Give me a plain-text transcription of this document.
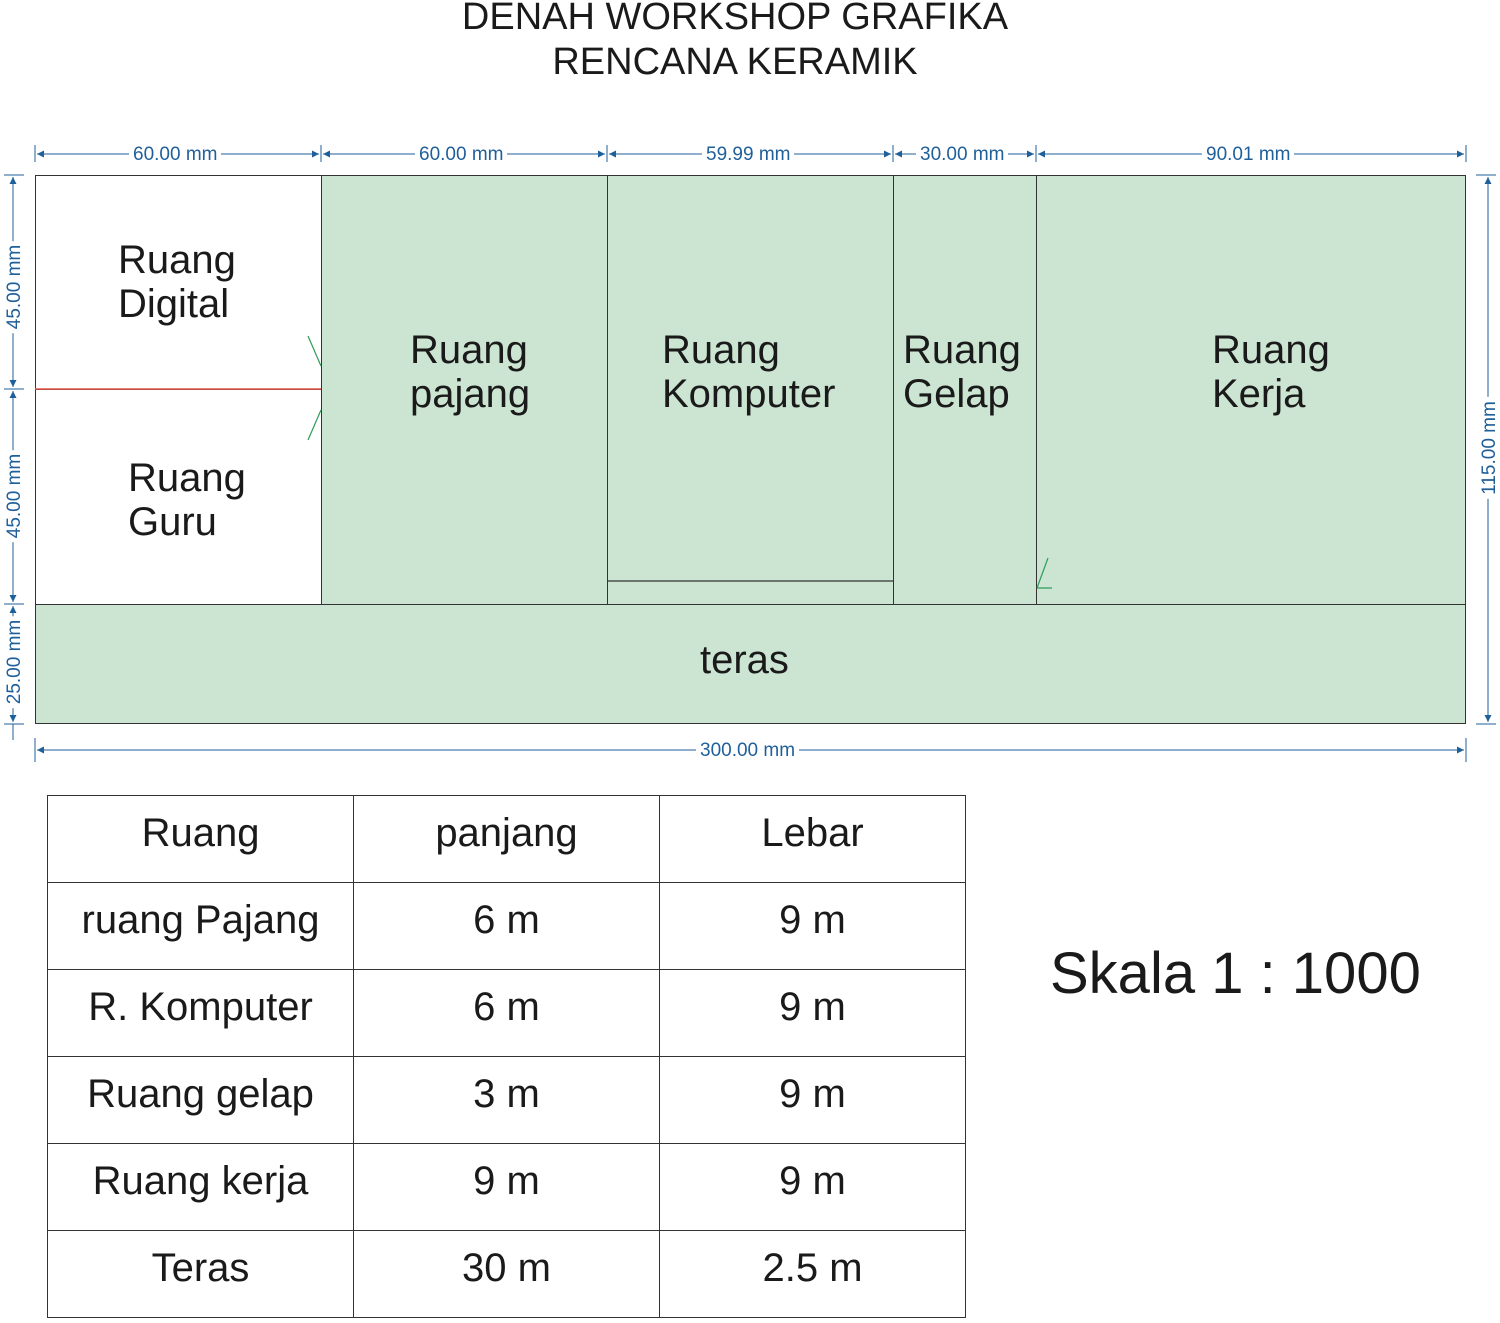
DENAH WORKSHOP GRAFIKA
RENCANA KERAMIK
Ruang
Digital
Ruang
Guru
Ruang
pajang
Ruang
Komputer
Ruang
Gelap
Ruang
Kerja
teras
60.00 mm	60.00 mm	59.99 mm	30.00 mm	90.01 mm
300.00 mm
45.00 mm
45.00 mm
25.00 mm
115.00 mm
Ruang	panjang	Lebar
ruang Pajang	6 m	9 m
R. Komputer	6 m	9 m
Ruang gelap	3 m	9 m
Ruang kerja	9 m	9 m
Teras	30 m	2.5 m
Skala 1 : 1000
